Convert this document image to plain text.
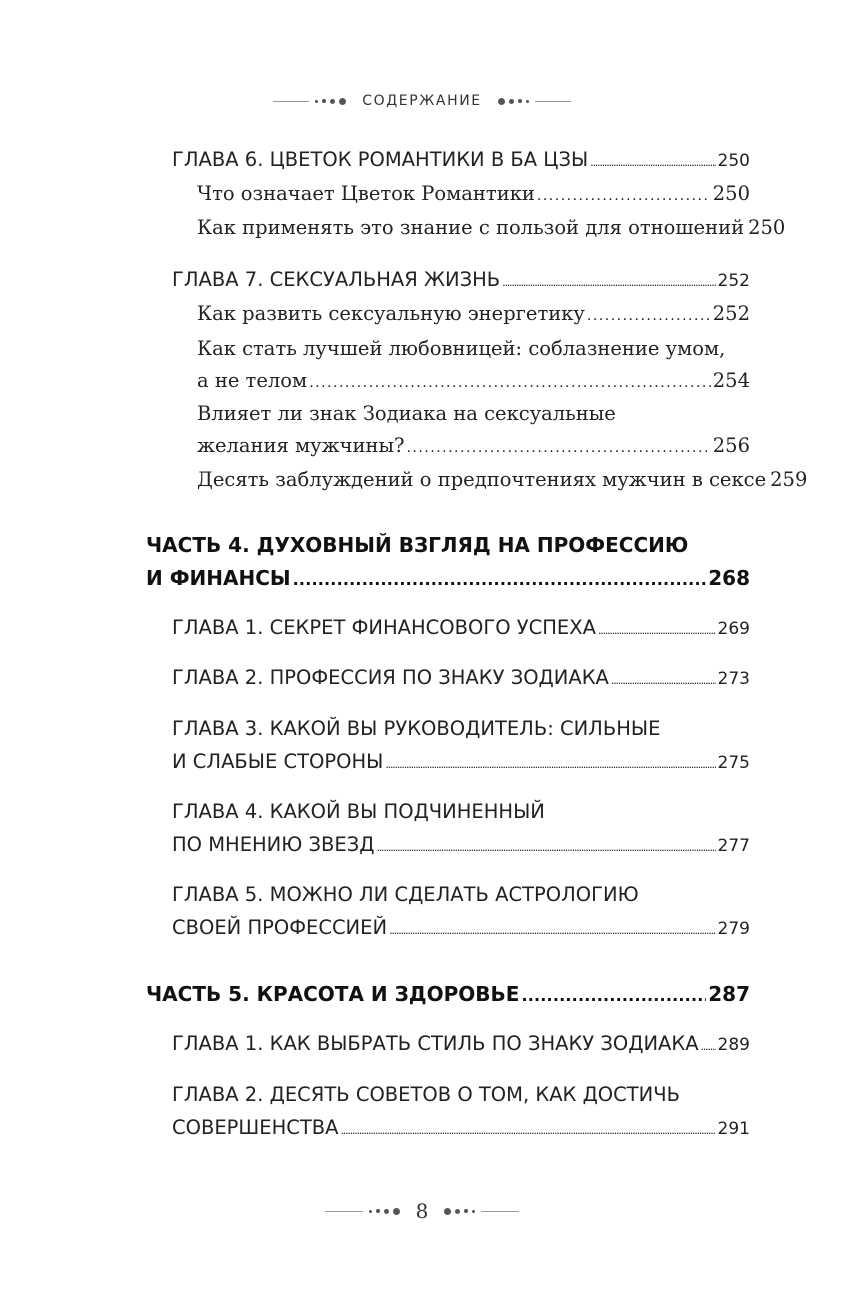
СОДЕРЖАНИЕ
ГЛАВА 6. ЦВЕТОК РОМАНТИКИ В БА ЦЗЫ .....	250
Что означает Цветок Романтики .....	250
Как применять это знание с пользой для отношений 250
ГЛАВА 7. СЕКСУАЛЬНАЯ ЖИЗНЬ .....	252
Как развить сексуальную энергетику .....	252
Как стать лучшей любовницей: соблазнение умом,
а не телом .....	254
Влияет ли знак Зодиака на сексуальные
желания мужчины? .....	256
Десять заблуждений о предпочтениях мужчин в сексе 259
ЧАСТЬ 4. ДУХОВНЫЙ ВЗГЛЯД НА ПРОФЕССИЮ
И ФИНАНСЫ .....	268
ГЛАВА 1. СЕКРЕТ ФИНАНСОВОГО УСПЕХА .....	269
ГЛАВА 2. ПРОФЕССИЯ ПО ЗНАКУ ЗОДИАКА .....	273
ГЛАВА 3. КАКОЙ ВЫ РУКОВОДИТЕЛЬ: СИЛЬНЫЕ
И СЛАБЫЕ СТОРОНЫ .....	275
ГЛАВА 4. КАКОЙ ВЫ ПОДЧИНЕННЫЙ
ПО МНЕНИЮ ЗВЕЗД .....	277
ГЛАВА 5. МОЖНО ЛИ СДЕЛАТЬ АСТРОЛОГИЮ
СВОЕЙ ПРОФЕССИЕЙ .....	279
ЧАСТЬ 5. КРАСОТА И ЗДОРОВЬЕ .....	287
ГЛАВА 1. КАК ВЫБРАТЬ СТИЛЬ ПО ЗНАКУ ЗОДИАКА ..... 289
ГЛАВА 2. ДЕСЯТЬ СОВЕТОВ О ТОМ, КАК ДОСТИЧЬ
СОВЕРШЕНСТВА .....	291
8
